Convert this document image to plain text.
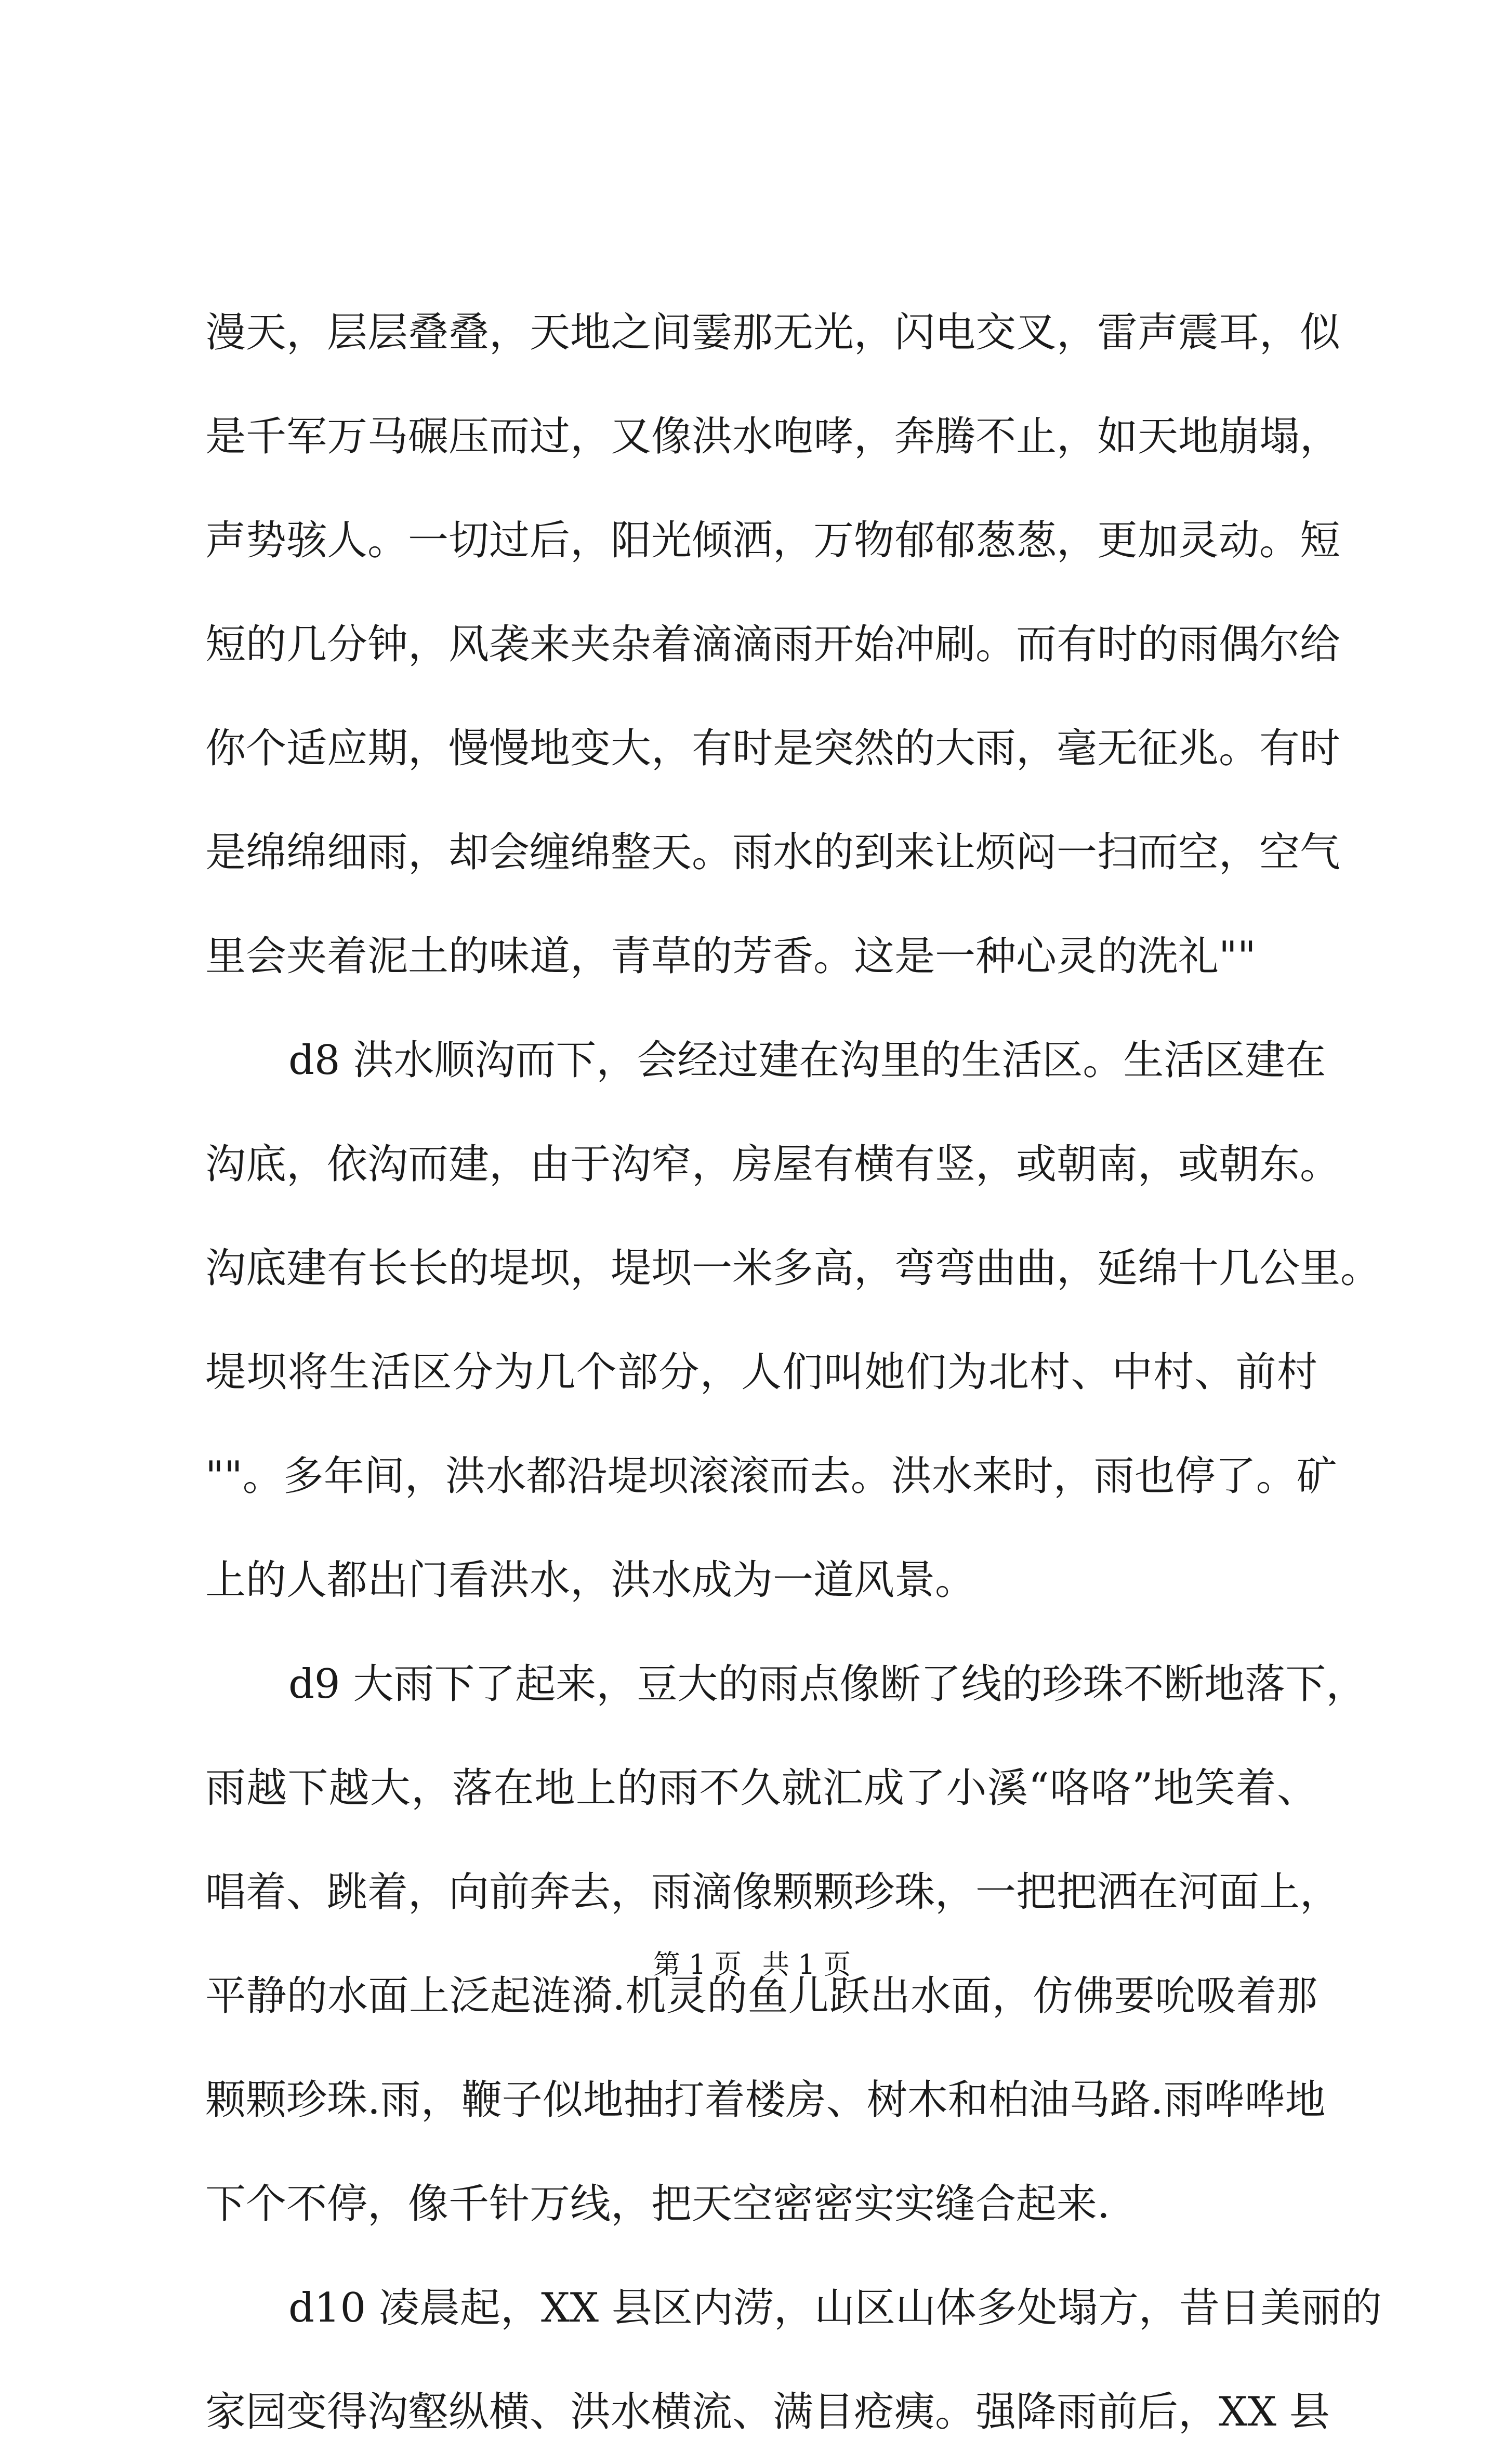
漫天，层层叠叠，天地之间霎那无光，闪电交叉，雷声震耳，似
是千军万马碾压而过，又像洪水咆哮，奔腾不止，如天地崩塌，
声势骇人。一切过后，阳光倾洒，万物郁郁葱葱，更加灵动。短
短的几分钟，风袭来夹杂着滴滴雨开始冲刷。而有时的雨偶尔给
你个适应期，慢慢地变大，有时是突然的大雨，毫无征兆。有时
是绵绵细雨，却会缠绵整天。雨水的到来让烦闷一扫而空，空气
里会夹着泥土的味道，青草的芳香。这是一种心灵的洗礼""
d8 洪水顺沟而下，会经过建在沟里的生活区。生活区建在
沟底，依沟而建，由于沟窄，房屋有横有竖，或朝南，或朝东。
沟底建有长长的堤坝，堤坝一米多高，弯弯曲曲，延绵十几公里。
堤坝将生活区分为几个部分，人们叫她们为北村、中村、前村
""。多年间，洪水都沿堤坝滚滚而去。洪水来时，雨也停了。矿
上的人都出门看洪水，洪水成为一道风景。
d9 大雨下了起来，豆大的雨点像断了线的珍珠不断地落下，
雨越下越大，落在地上的雨不久就汇成了小溪“咯咯”地笑着、
唱着、跳着，向前奔去，雨滴像颗颗珍珠，一把把洒在河面上，
平静的水面上泛起涟漪.机灵的鱼儿跃出水面，仿佛要吮吸着那
颗颗珍珠.雨，鞭子似地抽打着楼房、树木和柏油马路.雨哗哗地
下个不停，像千针万线，把天空密密实实缝合起来.
d10 凌晨起，XX 县区内涝，山区山体多处塌方，昔日美丽的
家园变得沟壑纵横、洪水横流、满目疮痍。强降雨前后，XX 县
第 1 页 共 1 页
